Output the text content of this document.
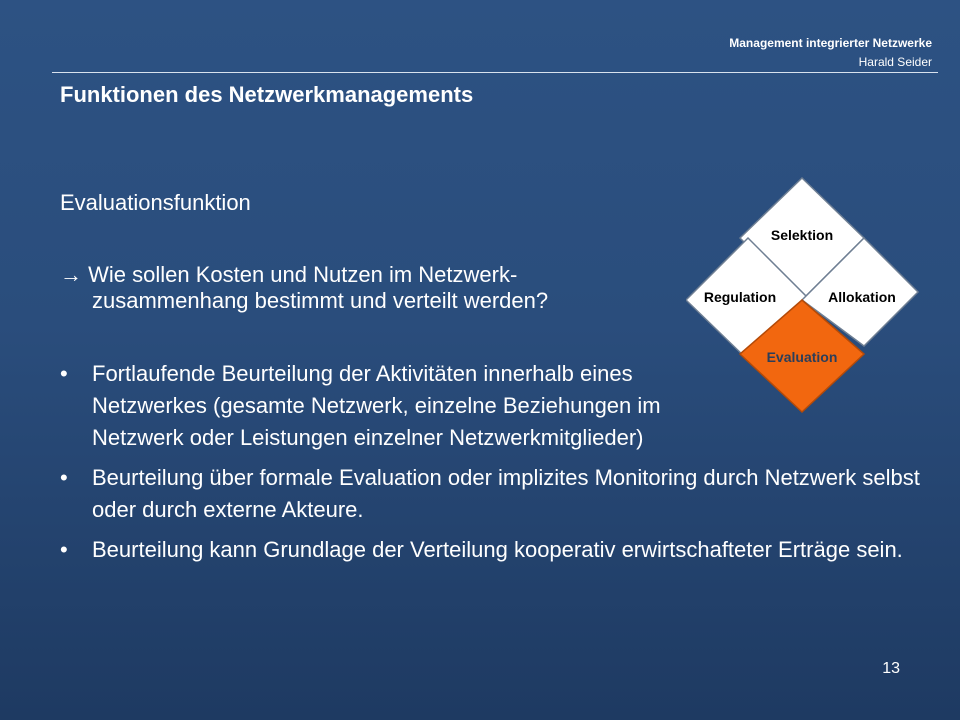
Management integrierter Netzwerke
Harald Seider
Funktionen des Netzwerkmanagements
Evaluationsfunktion
→ Wie sollen Kosten und Nutzen im Netzwerk-
zusammenhang bestimmt und verteilt werden?
• Fortlaufende Beurteilung der Aktivitäten innerhalb eines Netzwerkes (gesamte Netzwerk, einzelne Beziehungen im Netzwerk oder Leistungen einzelner Netzwerkmitglieder)
• Beurteilung über formale Evaluation oder implizites Monitoring durch Netzwerk selbst oder durch externe Akteure.
• Beurteilung kann Grundlage der Verteilung kooperativ erwirtschafteter Erträge sein.
Selektion
Regulation	Allokation
Evaluation
13
